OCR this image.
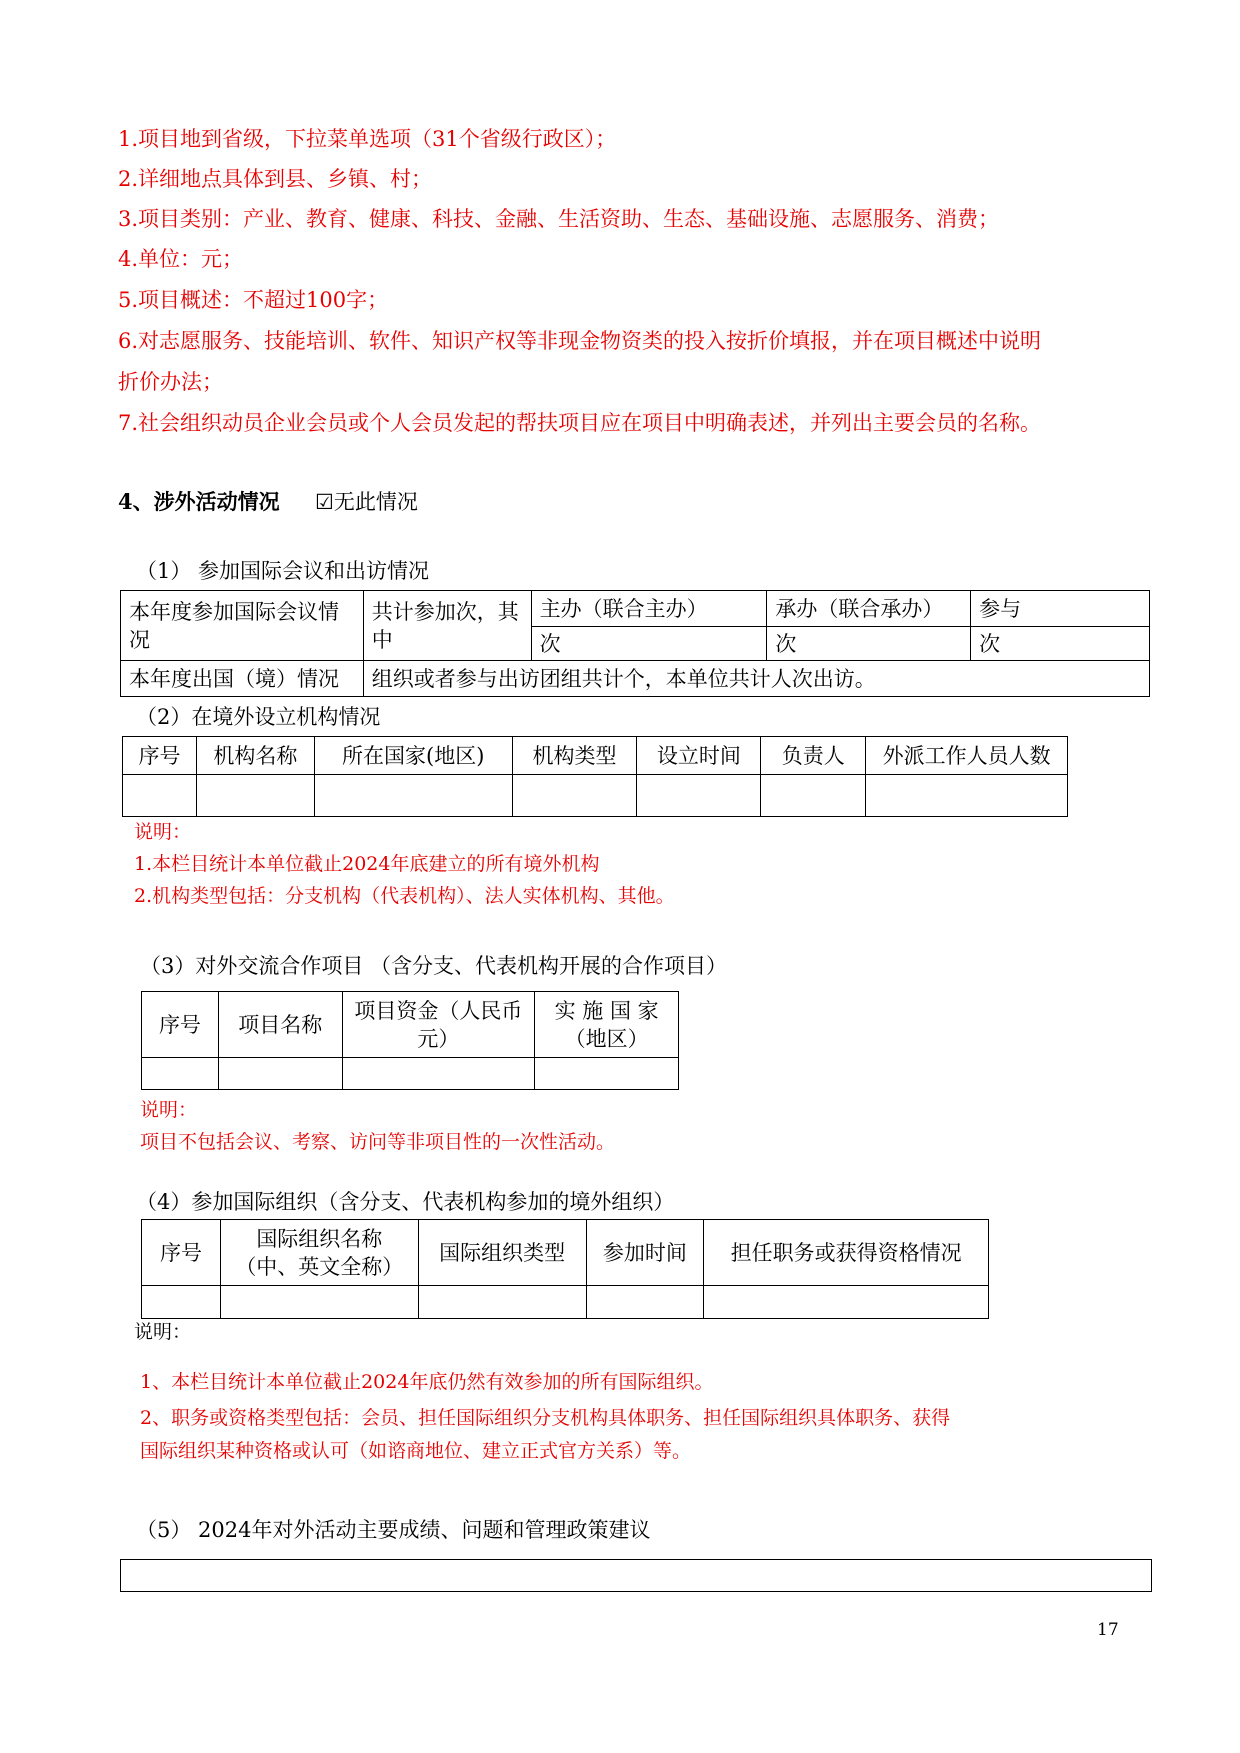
1.项目地到省级，下拉菜单选项（31个省级行政区）；
2.详细地点具体到县、乡镇、村；
3.项目类别：产业、教育、健康、科技、金融、生活资助、生态、基础设施、志愿服务、消费；
4.单位：元；
5.项目概述：不超过100字；
6.对志愿服务、技能培训、软件、知识产权等非现金物资类的投入按折价填报，并在项目概述中说明
折价办法；
7.社会组织动员企业会员或个人会员发起的帮扶项目应在项目中明确表述，并列出主要会员的名称。
4、涉外活动情况 ☑无此情况
（1） 参加国际会议和出访情况
本年度参加国际会议情况	共计参加次，其中	主办（联合主办）	承办（联合承办）	参与
		次	次	次
本年度出国（境）情况	组织或者参与出访团组共计个，本单位共计人次出访。			
（2）在境外设立机构情况
序号	机构名称	所在国家(地区)	机构类型	设立时间	负责人	外派工作人员人数

说明：
1.本栏目统计本单位截止2024年底建立的所有境外机构
2.机构类型包括：分支机构（代表机构）、法人实体机构、其他。
（3）对外交流合作项目 （含分支、代表机构开展的合作项目）
序号	项目名称	项目资金（人民币元）	实 施 国 家（地区）

说明：
项目不包括会议、考察、访问等非项目性的一次性活动。
（4）参加国际组织（含分支、代表机构参加的境外组织）
序号	国际组织名称（中、英文全称）	国际组织类型	参加时间	担任职务或获得资格情况

说明：
1、本栏目统计本单位截止2024年底仍然有效参加的所有国际组织。
2、职务或资格类型包括：会员、担任国际组织分支机构具体职务、担任国际组织具体职务、获得
国际组织某种资格或认可（如谘商地位、建立正式官方关系）等。
（5） 2024年对外活动主要成绩、问题和管理政策建议
17
